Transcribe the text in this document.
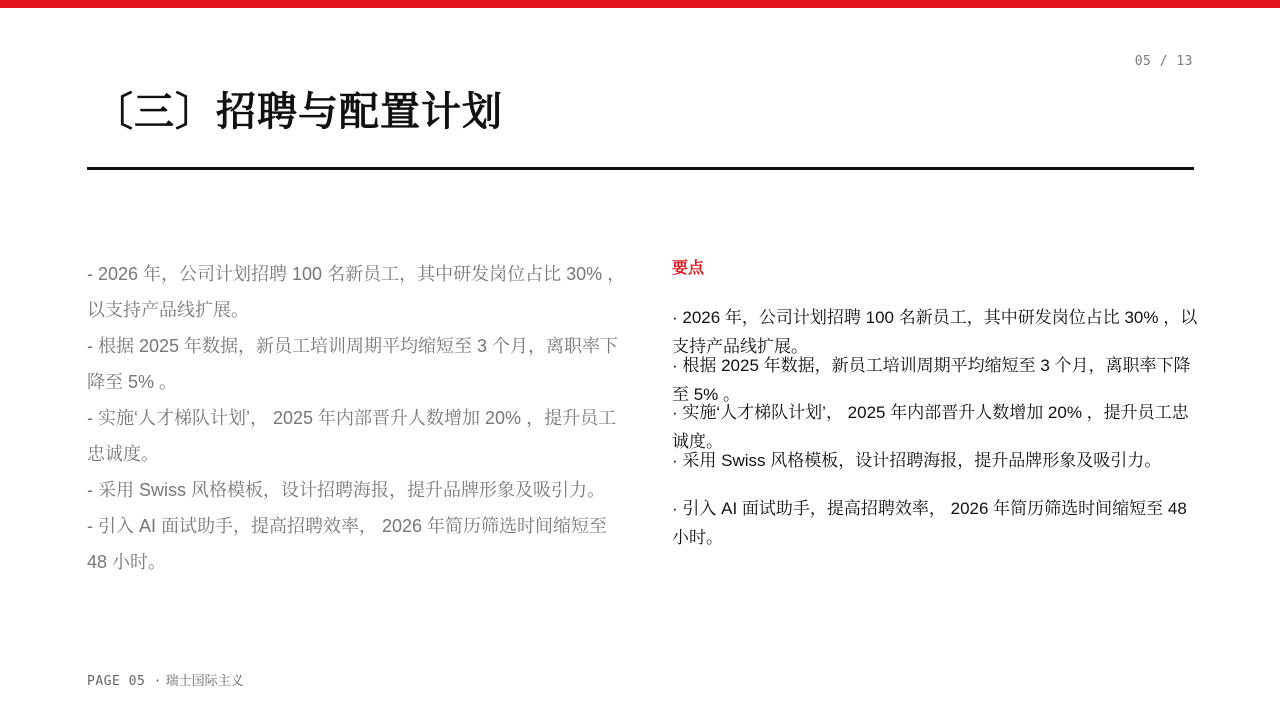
05 / 13
〔三〕招聘与配置计划

- 2026 年，公司计划招聘 100 名新员工，其中研发岗位占比 30% ，以支持产品线扩展。

- 根据 2025 年数据，新员工培训周期平均缩短至 3 个月，离职率下降至 5% 。

- 实施‘人才梯队计划’， 2025 年内部晋升人数增加 20% ，提升员工忠诚度。

- 采用 Swiss 风格模板，设计招聘海报，提升品牌形象及吸引力。

- 引入 AI 面试助手，提高招聘效率， 2026 年简历筛选时间缩短至 48 小时。

要点
· 2026 年，公司计划招聘 100 名新员工，其中研发岗位占比 30% ，以支持产品线扩展。
· 根据 2025 年数据，新员工培训周期平均缩短至 3 个月，离职率下降至 5% 。
· 实施‘人才梯队计划’， 2025 年内部晋升人数增加 20% ，提升员工忠诚度。
· 采用 Swiss 风格模板，设计招聘海报，提升品牌形象及吸引力。
· 引入 AI 面试助手，提高招聘效率， 2026 年简历筛选时间缩短至 48 小时。
PAGE 05 · 瑞士国际主义
